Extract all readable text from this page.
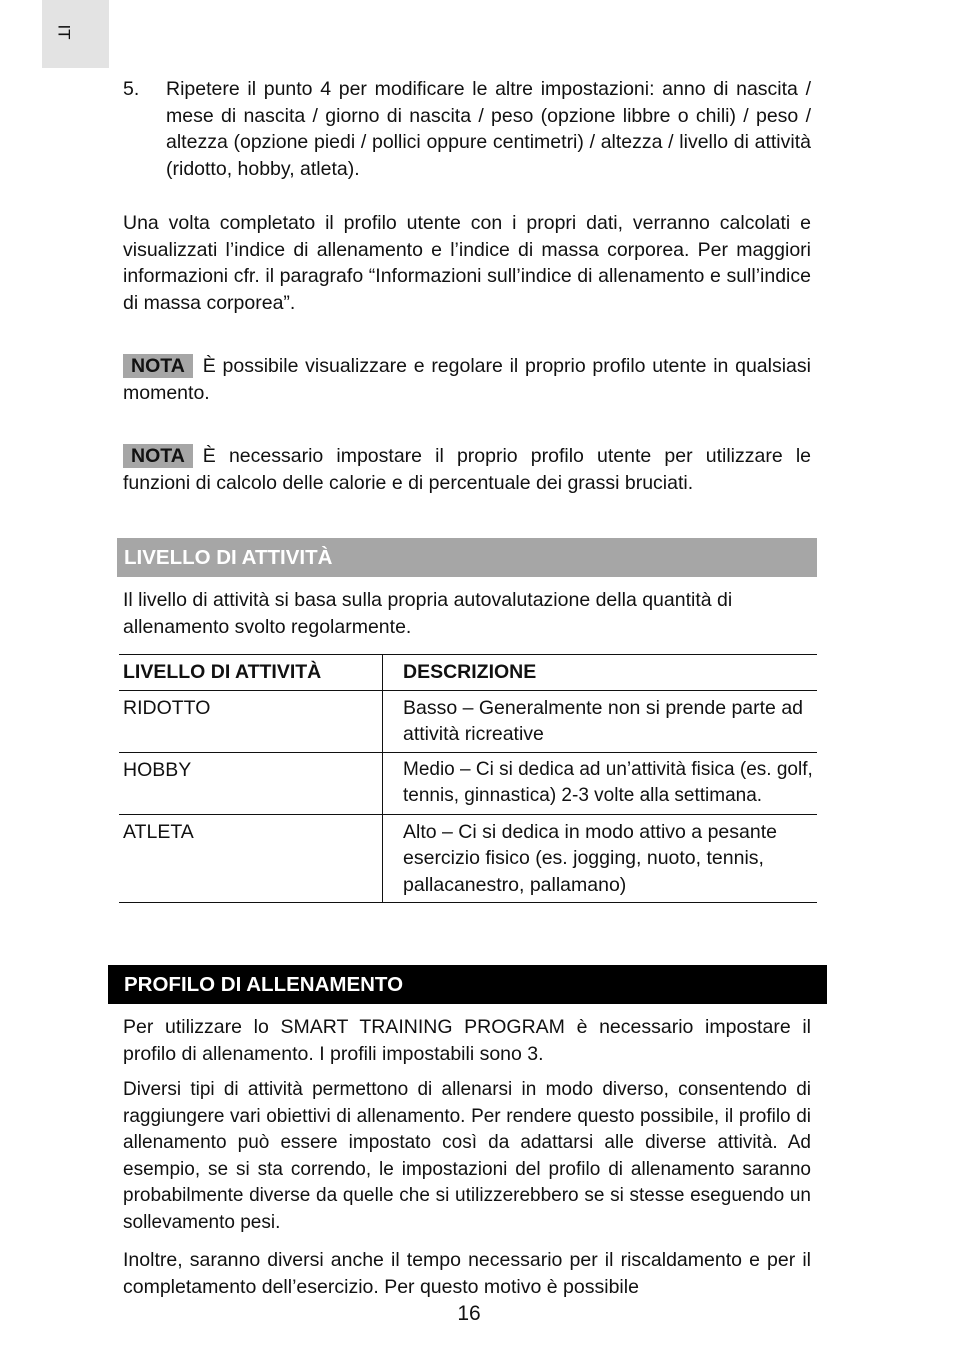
IT
5. Ripetere il punto 4 per modificare le altre impostazioni: anno di nascita / mese di nascita / giorno di nascita / peso (opzione libbre o chili) / peso / altezza (opzione piedi / pollici oppure centimetri) / altezza / livello di attività (ridotto, hobby, atleta).
Una volta completato il profilo utente con i propri dati, verranno calcolati e visualizzati l’indice di allenamento e l’indice di massa corporea. Per maggiori informazioni cfr. il paragrafo “Informazioni sull’indice di allenamento e sull’indice di massa corporea”.
NOTA È possibile visualizzare e regolare il proprio profilo utente in qualsiasi momento.
NOTA È necessario impostare il proprio profilo utente per utilizzare le funzioni di calcolo delle calorie e di percentuale dei grassi bruciati.
LIVELLO DI ATTIVITÀ
Il livello di attività si basa sulla propria autovalutazione della quantità di allenamento svolto regolarmente.
LIVELLO DI ATTIVITÀ	DESCRIZIONE
RIDOTTO	Basso – Generalmente non si prende parte ad attività ricreative
HOBBY	Medio – Ci si dedica ad un’attività fisica (es. golf, tennis, ginnastica) 2-3 volte alla settimana.
ATLETA	Alto – Ci si dedica in modo attivo a pesante esercizio fisico (es. jogging, nuoto, tennis, pallacanestro, pallamano)
PROFILO DI ALLENAMENTO
Per utilizzare lo SMART TRAINING PROGRAM è necessario impostare il profilo di allenamento. I profili impostabili sono 3.
Diversi tipi di attività permettono di allenarsi in modo diverso, consentendo di raggiungere vari obiettivi di allenamento. Per rendere questo possibile, il profilo di allenamento può essere impostato così da adattarsi alle diverse attività. Ad esempio, se si sta correndo, le impostazioni del profilo di allenamento saranno probabilmente diverse da quelle che si utilizzerebbero se si stesse eseguendo un sollevamento pesi.
Inoltre, saranno diversi anche il tempo necessario per il riscaldamento e per il completamento dell’esercizio. Per questo motivo è possibile
16
